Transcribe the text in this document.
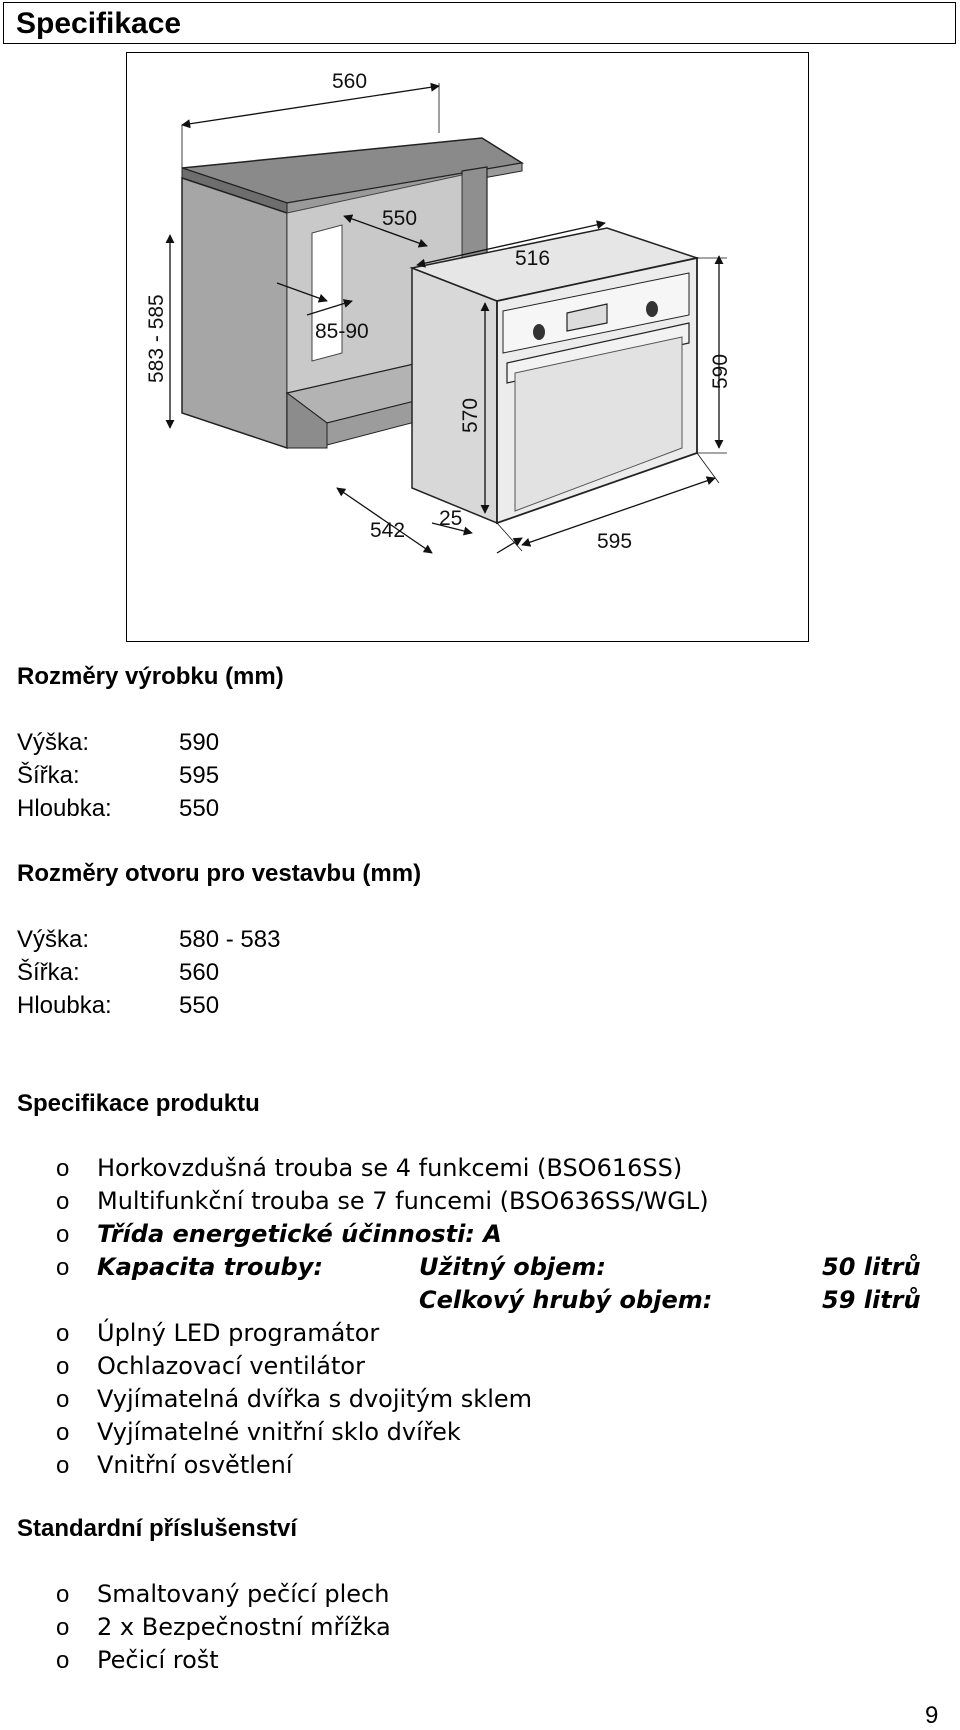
Specifikace
560
550
516
583 - 585	85-90
570
590
542
25
595
Rozměry výrobku (mm)
Výška:	590
Šířka:	595
Hloubka:	550
Rozměry otvoru pro vestavbu (mm)
Výška:	580 - 583
Šířka:	560
Hloubka:	550
Specifikace produktu
o Horkovzdušná trouba se 4 funkcemi (BSO616SS)
o Multifunkční trouba se 7 funcemi (BSO636SS/WGL)
o Třída energetické účinnosti: A
o Kapacita trouby:	Užitný objem:	50 litrů
Celkový hrubý objem:	59 litrů
o Úplný LED programátor
o Ochlazovací ventilátor
o Vyjímatelná dvířka s dvojitým sklem
o Vyjímatelné vnitřní sklo dvířek
o Vnitřní osvětlení
Standardní příslušenství
o Smaltovaný pečící plech
o 2 x Bezpečnostní mřížka
o Pečicí rošt
9
